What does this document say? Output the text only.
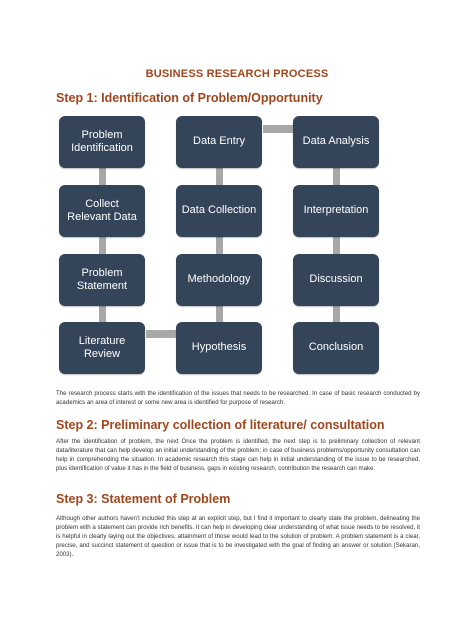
BUSINESS RESEARCH PROCESS
Step 1: Identification of Problem/Opportunity
Problem Identification
Collect Relevant Data
Problem Statement
Literature Review
Data Entry
Data Collection
Methodology
Hypothesis
Data Analysis
Interpretation
Discussion
Conclusion
The research process starts with the identification of the issues that needs to be researched. In case of basic research conducted by academics an area of interest or some new area is identified for purpose of research.
Step 2: Preliminary collection of literature/ consultation
After the identification of problem, the next Once the problem is identified, the next step is to preliminary collection of relevant data/literature that can help develop an initial understanding of the problem; in case of business problems/opportunity consultation can help in comprehending the situation. In academic research this stage can help in initial understanding of the issue to be researched, plus identification of value it has in the field of business, gaps in existing research, contribution the research can make.
Step 3: Statement of Problem
Although other authors haven't included this step at an explicit step, but I find it important to clearly state the problem, delineating the problem with a statement can provide rich benefits. It can help in developing clear understanding of what issue needs to be resolved, it is helpful in clearly laying out the objectives, attainment of those would lead to the solution of problem. A problem statement is a clear, precise, and succinct statement of question or issue that is to be investigated with the goal of finding an answer or solution (Sekaran, 2003).
